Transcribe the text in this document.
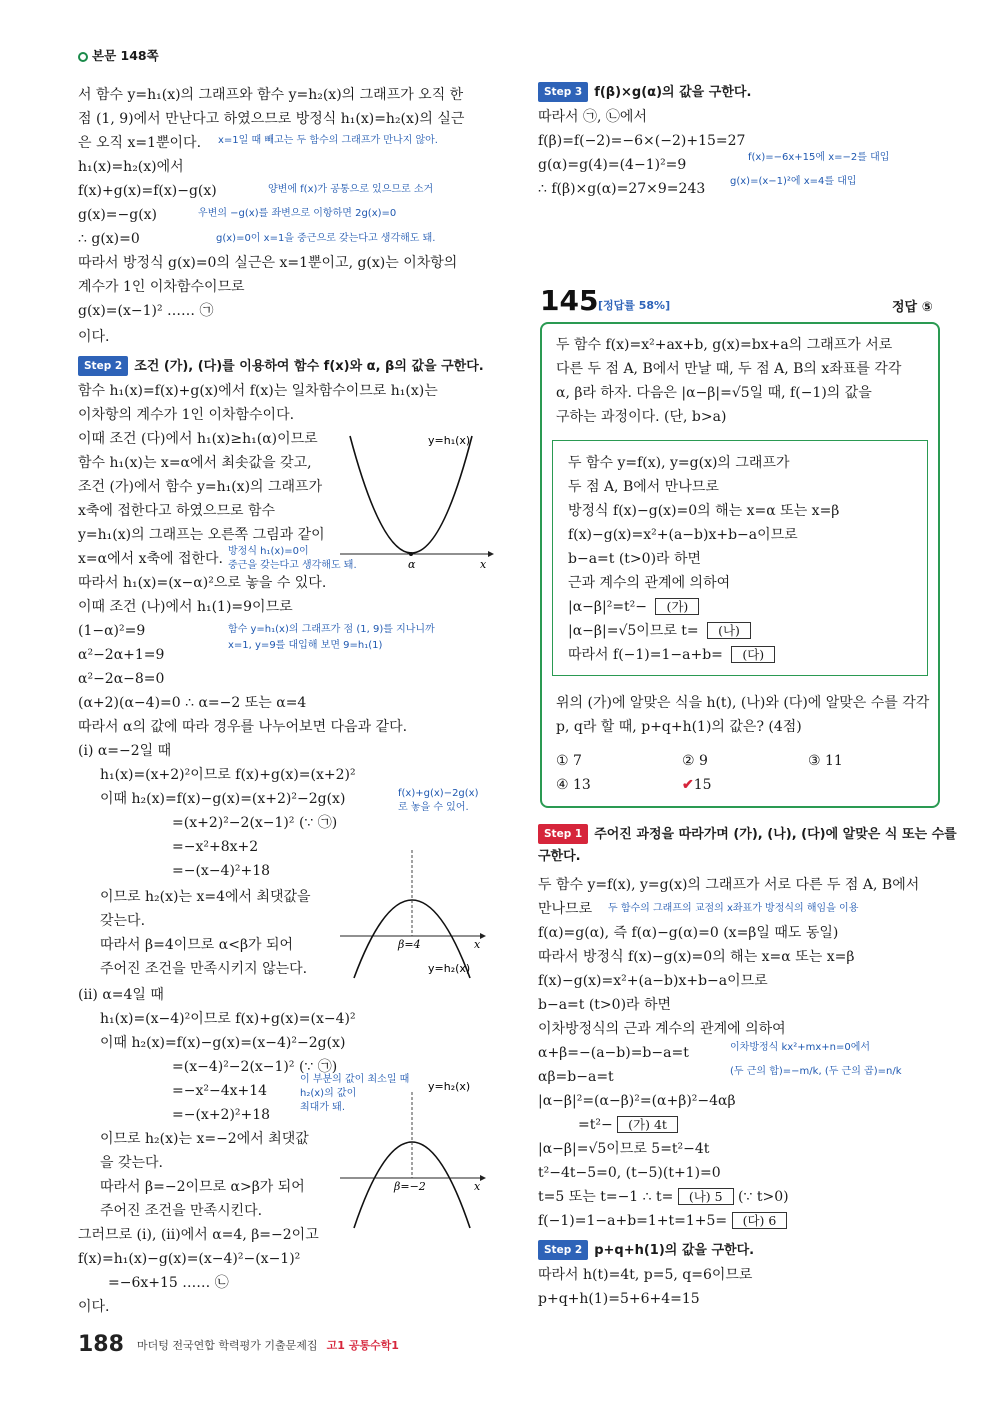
본문 148쪽
서 함수 y=h₁(x)의 그래프와 함수 y=h₂(x)의 그래프가 오직 한
점 (1, 9)에서 만난다고 하였으므로 방정식 h₁(x)=h₂(x)의 실근
은 오직 x=1뿐이다. x=1일 때 빼고는 두 함수의 그래프가 만나지 않아.
h₁(x)=h₂(x)에서
f(x)+g(x)=f(x)−g(x)	양변에 f(x)가 공통으로 있으므로 소거
g(x)=−g(x)	우변의 −g(x)를 좌변으로 이항하면 2g(x)=0
∴ g(x)=0	g(x)=0이 x=1을 중근으로 갖는다고 생각해도 돼.
따라서 방정식 g(x)=0의 실근은 x=1뿐이고, g(x)는 이차항의
계수가 1인 이차함수이므로
g(x)=(x−1)² …… ㉠
이다.
Step 2 조건 (가), (다)를 이용하여 함수 f(x)와 α, β의 값을 구한다.
함수 h₁(x)=f(x)+g(x)에서 f(x)는 일차함수이므로 h₁(x)는
이차항의 계수가 1인 이차함수이다.
이때 조건 (다)에서 h₁(x)≥h₁(α)이므로
함수 h₁(x)는 x=α에서 최솟값을 갖고,
조건 (가)에서 함수 y=h₁(x)의 그래프가
x축에 접한다고 하였으므로 함수
y=h₁(x)의 그래프는 오른쪽 그림과 같이
x=α에서 x축에 접한다. 방정식 h₁(x)=0이
중근을 갖는다고 생각해도 돼.
따라서 h₁(x)=(x−α)²으로 놓을 수 있다.
이때 조건 (나)에서 h₁(1)=9이므로
(1−α)²=9	함수 y=h₁(x)의 그래프가 점 (1, 9)를 지나니까
x=1, y=9를 대입해 보면 9=h₁(1)
α²−2α+1=9
α²−2α−8=0
(α+2)(α−4)=0 ∴ α=−2 또는 α=4
따라서 α의 값에 따라 경우를 나누어보면 다음과 같다.
(ⅰ) α=−2일 때
h₁(x)=(x+2)²이므로 f(x)+g(x)=(x+2)²
이때 h₂(x)=f(x)−g(x)=(x+2)²−2g(x)	f(x)+g(x)−2g(x)
로 놓을 수 있어.
=(x+2)²−2(x−1)² (∵ ㉠)
=−x²+8x+2
=−(x−4)²+18
이므로 h₂(x)는 x=4에서 최댓값을
갖는다.
따라서 β=4이므로 α<β가 되어
주어진 조건을 만족시키지 않는다.
(ⅱ) α=4일 때
h₁(x)=(x−4)²이므로 f(x)+g(x)=(x−4)²
이때 h₂(x)=f(x)−g(x)=(x−4)²−2g(x)
=(x−4)²−2(x−1)² (∵ ㉠)
=−x²−4x+14
이 부분의 값이 최소일 때
h₂(x)의 값이
최대가 돼.
=−(x+2)²+18
이므로 h₂(x)는 x=−2에서 최댓값
을 갖는다.
따라서 β=−2이므로 α>β가 되어
주어진 조건을 만족시킨다.
그러므로 (ⅰ), (ⅱ)에서 α=4, β=−2이고
f(x)=h₁(x)−g(x)=(x−4)²−(x−1)²
=−6x+15 …… ㉡
이다.
y=h₁(x)
α	x
β=4	x
y=h₂(x)
β=−2	x
y=h₂(x)
Step 3 f(β)×g(α)의 값을 구한다.
따라서 ㉠, ㉡에서
f(β)=f(−2)=−6×(−2)+15=27
g(α)=g(4)=(4−1)²=9	f(x)=−6x+15에 x=−2를 대입
∴ f(β)×g(α)=27×9=243 g(x)=(x−1)²에 x=4를 대입
145 [정답률 58%]	정답 ⑤
두 함수 f(x)=x²+ax+b, g(x)=bx+a의 그래프가 서로
다른 두 점 A, B에서 만날 때, 두 점 A, B의 x좌표를 각각
α, β라 하자. 다음은 |α−β|=√5일 때, f(−1)의 값을
구하는 과정이다. (단, b>a)
두 함수 y=f(x), y=g(x)의 그래프가
두 점 A, B에서 만나므로
방정식 f(x)−g(x)=0의 해는 x=α 또는 x=β
f(x)−g(x)=x²+(a−b)x+b−a이므로
b−a=t (t>0)라 하면
근과 계수의 관계에 의하여
|α−β|²=t²− (가)
|α−β|=√5이므로 t= (나)
따라서 f(−1)=1−a+b= (다)
위의 (가)에 알맞은 식을 h(t), (나)와 (다)에 알맞은 수를 각각
p, q라 할 때, p+q+h(1)의 값은? (4점)
① 7	② 9	③ 11
④ 13	✔15
Step 1 주어진 과정을 따라가며 (가), (나), (다)에 알맞은 식 또는 수를
구한다.
두 함수 y=f(x), y=g(x)의 그래프가 서로 다른 두 점 A, B에서
만나므로 두 함수의 그래프의 교점의 x좌표가 방정식의 해임을 이용
f(α)=g(α), 즉 f(α)−g(α)=0 (x=β일 때도 동일)
따라서 방정식 f(x)−g(x)=0의 해는 x=α 또는 x=β
f(x)−g(x)=x²+(a−b)x+b−a이므로
b−a=t (t>0)라 하면
이차방정식의 근과 계수의 관계에 의하여
α+β=−(a−b)=b−a=t	이차방정식 kx²+mx+n=0에서
αβ=b−a=t	(두 근의 합)=−m/k, (두 근의 곱)=n/k
|α−β|²=(α−β)²=(α+β)²−4αβ
=t²− (가) 4t
|α−β|=√5이므로 5=t²−4t
t²−4t−5=0, (t−5)(t+1)=0
t=5 또는 t=−1 ∴ t= (나) 5 (∵ t>0)
f(−1)=1−a+b=1+t=1+5= (다) 6
Step 2 p+q+h(1)의 값을 구한다.
따라서 h(t)=4t, p=5, q=6이므로
p+q+h(1)=5+6+4=15
188 마더텅 전국연합 학력평가 기출문제집 고1 공통수학1
